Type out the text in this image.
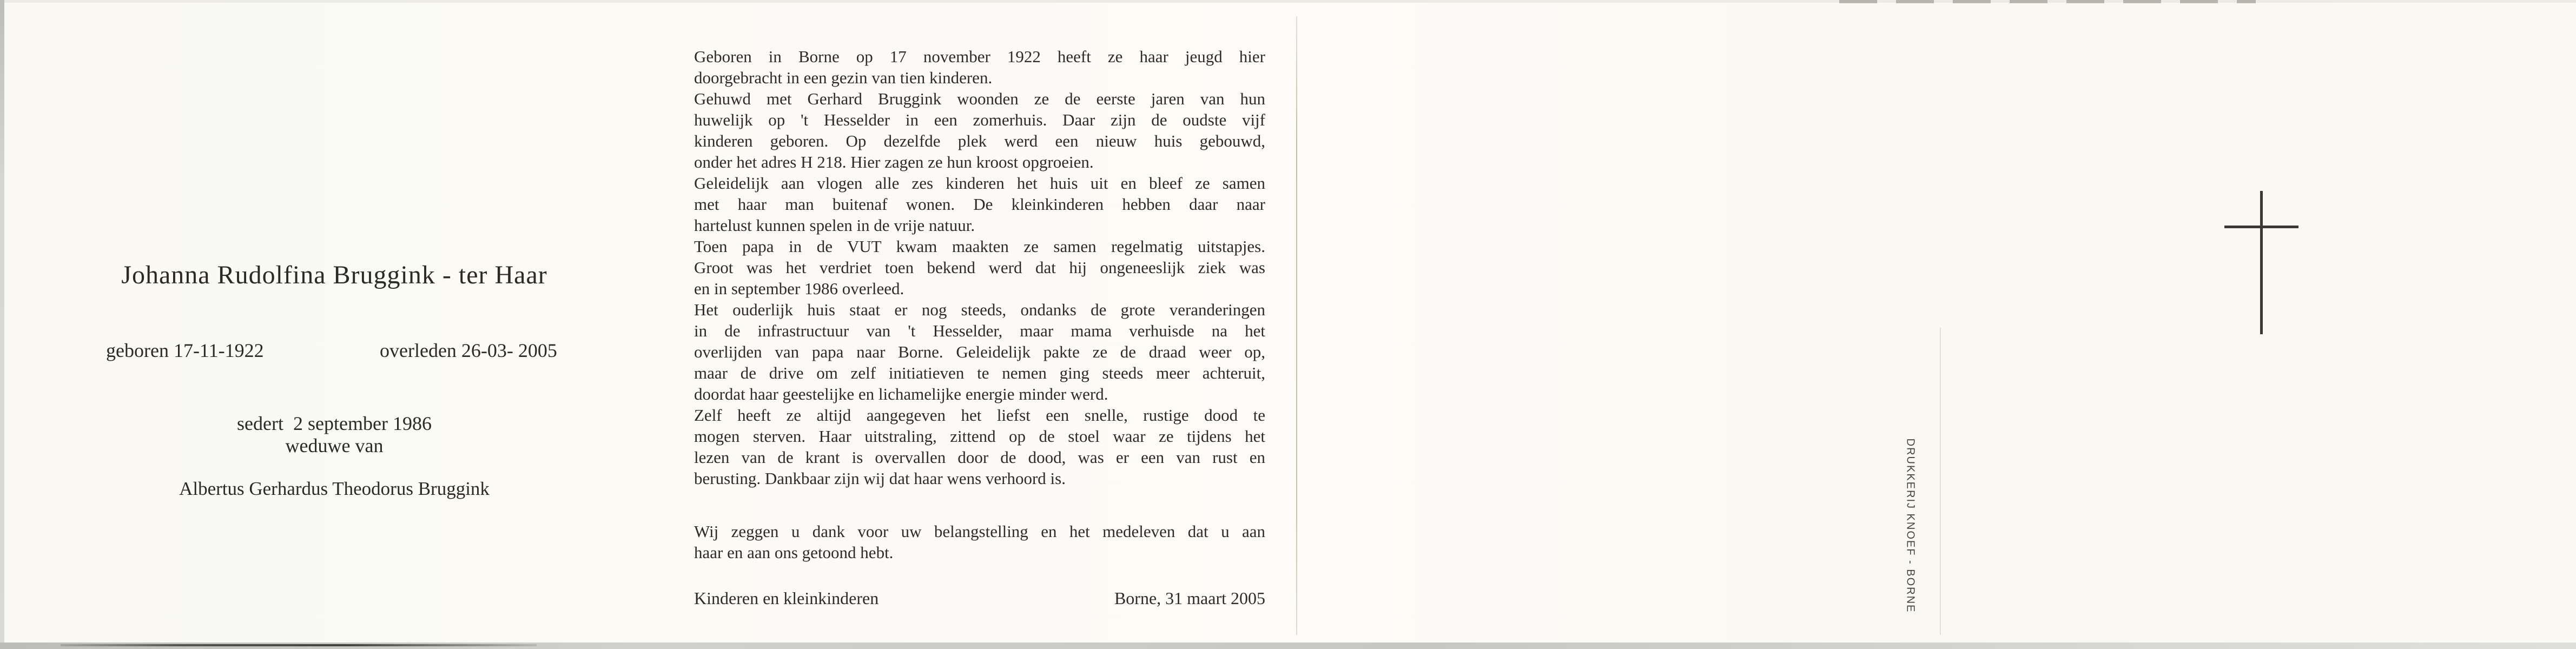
Johanna Rudolfina Bruggink - ter Haar
geboren 17-11-1922	overleden 26-03- 2005
sedert  2 september 1986
weduwe van
Albertus Gerhardus Theodorus Bruggink
Geboren in Borne op 17 november 1922 heeft ze haar jeugd hier
doorgebracht in een gezin van tien kinderen.
Gehuwd met Gerhard Bruggink woonden ze de eerste jaren van hun
huwelijk op 't Hesselder in een zomerhuis. Daar zijn de oudste vijf
kinderen geboren. Op dezelfde plek werd een nieuw huis gebouwd,
onder het adres H 218. Hier zagen ze hun kroost opgroeien.
Geleidelijk aan vlogen alle zes kinderen het huis uit en bleef ze samen
met haar man buitenaf wonen. De kleinkinderen hebben daar naar
hartelust kunnen spelen in de vrije natuur.
Toen papa in de VUT kwam maakten ze samen regelmatig uitstapjes.
Groot was het verdriet toen bekend werd dat hij ongeneeslijk ziek was
en in september 1986 overleed.
Het ouderlijk huis staat er nog steeds, ondanks de grote veranderingen
in de infrastructuur van 't Hesselder, maar mama verhuisde na het
overlijden van papa naar Borne. Geleidelijk pakte ze de draad weer op,
maar de drive om zelf initiatieven te nemen ging steeds meer achteruit,
doordat haar geestelijke en lichamelijke energie minder werd.
Zelf heeft ze altijd aangegeven het liefst een snelle, rustige dood te
mogen sterven. Haar uitstraling, zittend op de stoel waar ze tijdens het
lezen van de krant is overvallen door de dood, was er een van rust en
berusting. Dankbaar zijn wij dat haar wens verhoord is.
Wij zeggen u dank voor uw belangstelling en het medeleven dat u aan
haar en aan ons getoond hebt.
Kinderen en kleinkinderen	Borne, 31 maart 2005	DRUKKERIJ KNOEF - BORNE
